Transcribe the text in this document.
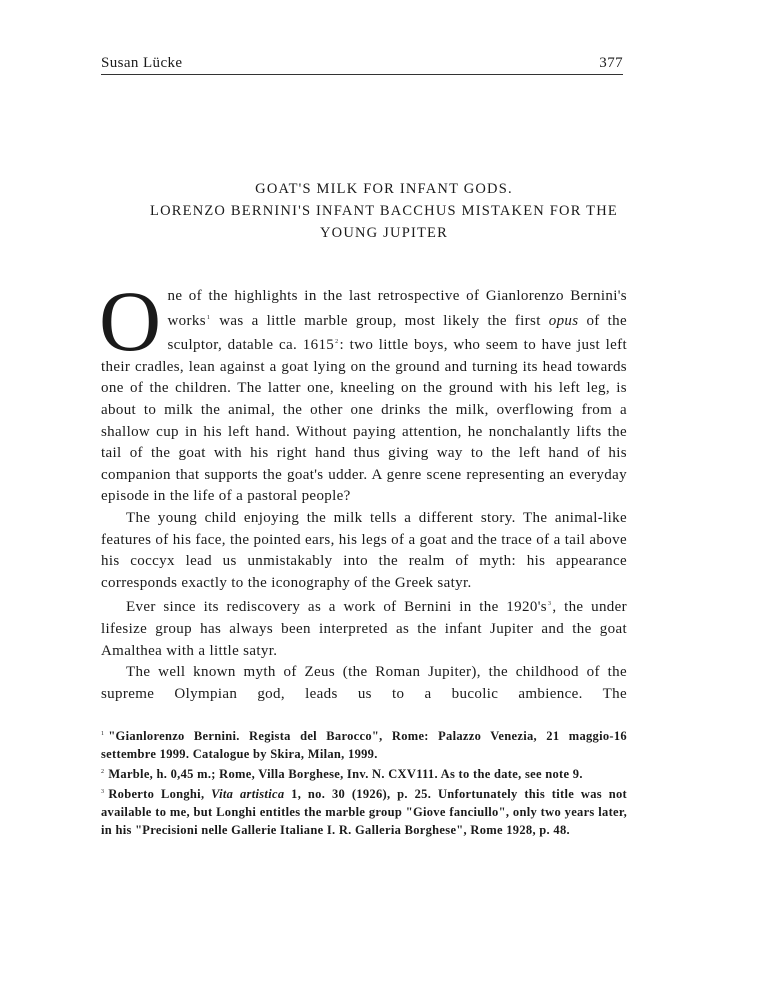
Susan Lücke	377
GOAT'S MILK FOR INFANT GODS.
LORENZO BERNINI'S INFANT BACCHUS MISTAKEN FOR THE
YOUNG JUPITER

One of the highlights in the last retrospective of Gianlorenzo Bernini's works$^1$ was a little marble group, most likely the first opus of the sculptor, datable ca. 1615$^2$: two little boys, who seem to have just left their cradles, lean against a goat lying on the ground and turning its head towards one of the children. The latter one, kneeling on the ground with his left leg, is about to milk the animal, the other one drinks the milk, overflowing from a shallow cup in his left hand. Without paying attention, he nonchalantly lifts the tail of the goat with his right hand thus giving way to the left hand of his companion that supports the goat's udder. A genre scene representing an everyday episode in the life of a pastoral people?

The young child enjoying the milk tells a different story. The animal-like features of his face, the pointed ears, his legs of a goat and the trace of a tail above his coccyx lead us unmistakably into the realm of myth: his appearance corresponds exactly to the iconography of the Greek satyr.

Ever since its rediscovery as a work of Bernini in the 1920's$^3$, the under lifesize group has always been interpreted as the infant Jupiter and the goat Amalthea with a little satyr.

The well known myth of Zeus (the Roman Jupiter), the childhood of the supreme Olympian god, leads us to a bucolic ambience. The

$^1$ "Gianlorenzo Bernini. Regista del Barocco", Rome: Palazzo Venezia, 21 maggio-16 settembre 1999. Catalogue by Skira, Milan, 1999.

$^2$ Marble, h. 0,45 m.; Rome, Villa Borghese, Inv. N. CXV111. As to the date, see note 9.

$^3$ Roberto Longhi, Vita artistica 1, no. 30 (1926), p. 25. Unfortunately this title was not available to me, but Longhi entitles the marble group "Giove fanciullo", only two years later, in his "Precisioni nelle Gallerie Italiane I. R. Galleria Borghese", Rome 1928, p. 48.
